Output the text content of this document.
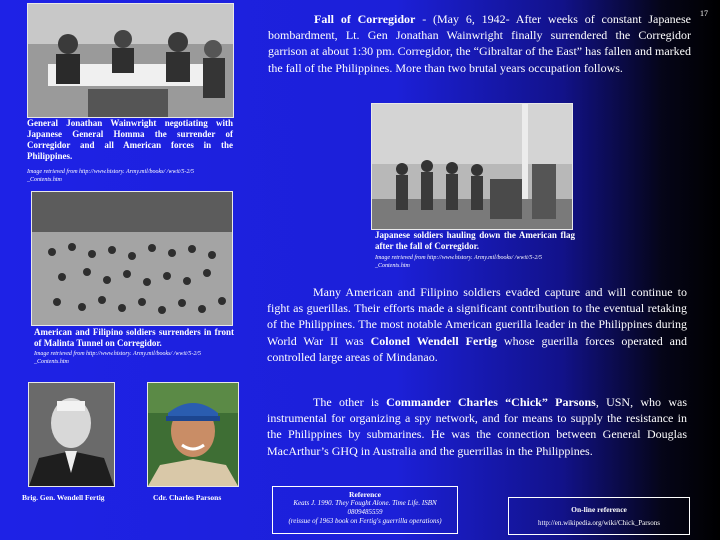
17
General Jonathan Wainwright negotiating with Japanese General Homma the surrender of Corregidor and all American forces in the Philippines.
Image retrieved from http://www.history. Army.mil/books/ /wwii/5-2/5 _Contents.htm
Fall of Corregidor - (May 6, 1942- After weeks of constant Japanese bombardment, Lt. Gen Jonathan Wainwright finally surrendered the Corregidor garrison at about 1:30 pm. Corregidor, the “Gibraltar of the East” has fallen and marked the fall of the Philippines. More than two brutal years occupation follows.
Japanese soldiers hauling down the American flag after the fall of Corregidor.
Image retrieved from http://www.history. Army.mil/books/ /wwii/5-2/5 _Contents.htm
American and Filipino soldiers surrenders in front of Malinta Tunnel on Corregidor.
Image retrieved from http://www.history. Army.mil/books/ /wwii/5-2/5 _Contents.htm
Many American and Filipino soldiers evaded capture and will continue to fight as guerillas. Their efforts made a significant contribution to the eventual retaking of the Philippines. The most notable American guerilla leader in the Philippines during World War II was Colonel Wendell Fertig whose guerilla forces operated and controlled large areas of Mindanao.
The other is Commander Charles “Chick” Parsons, USN, who was instrumental for organizing a spy network, and for means to supply the resistance in the Philippines by submarines. He was the connection between General Douglas MacArthur’s GHQ in Australia and the guerrillas in the Philippines.
Brig. Gen. Wendell Fertig	Cdr. Charles Parsons	Reference
Keats J. 1990. They Fought Alone. Time Life. ISBN
0809485559
(reissue of 1963 book on Fertig's guerrilla operations)
On-line reference
http://en.wikipedia.org/wiki/Chick_Parsons
